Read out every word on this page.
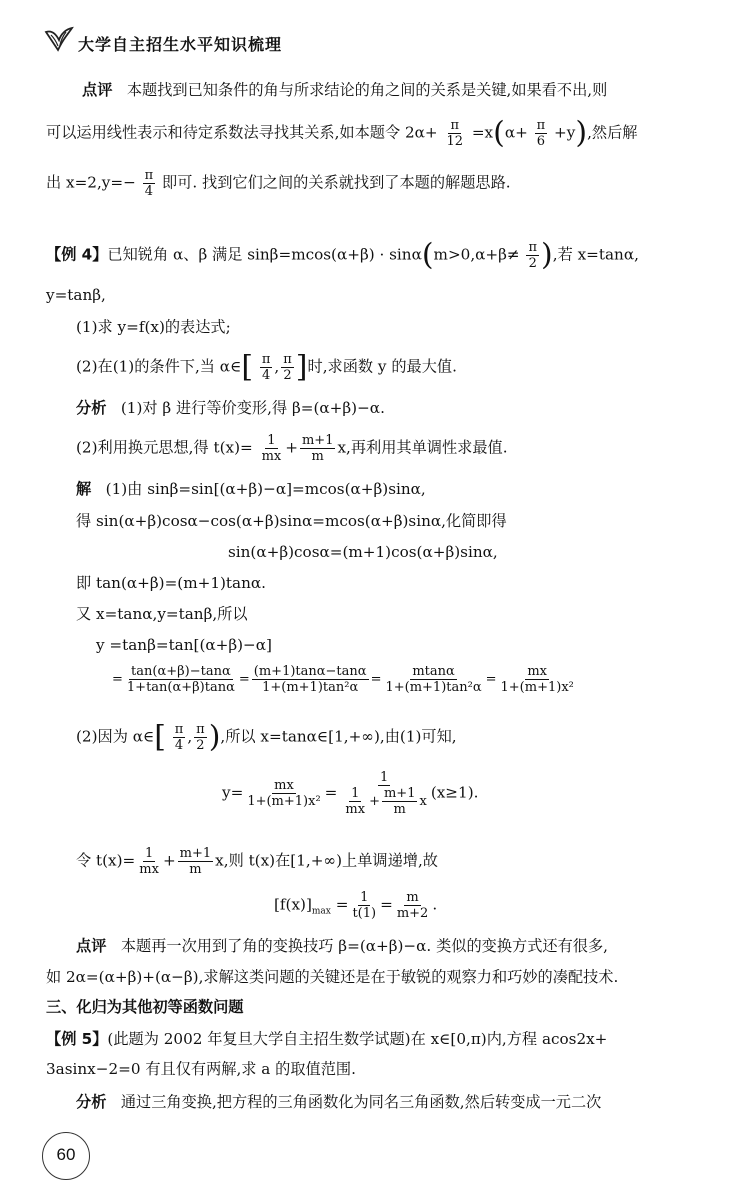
大学自主招生水平知识梳理
点评 本题找到已知条件的角与所求结论的角之间的关系是关键,如果看不出,则
可以运用线性表示和待定系数法寻找其关系,如本题令 $2\alpha+ \frac{\pi}{12} =x(\alpha+ \frac{\pi}{6} +y)$,然后解
出 $x=2,y=- \frac{\pi}{4}$ 即可. 找到它们之间的关系就找到了本题的解题思路.
【例 4】已知锐角 α、β 满足 $\sin\beta=mcos(\alpha+\beta) \cdot \sin\alpha(m>0,\alpha+\beta\ne \frac{\pi}{2}$ ),若 x=tanα,
y=tanβ,
(1)求 y=f(x)的表达式;
(2)在(1)的条件下,当 α∈[ $\frac{\pi}{4}$ , $\frac{\pi}{2}$ ]时,求函数 y 的最大值.
分析 (1)对 β 进行等价变形,得 β=(α+β)−α.
(2)利用换元思想,得 $t(x)= \frac{1}{mx} + \frac{m+1}{m} x$,再利用其单调性求最值.
解 (1)由 sinβ=sin[(α+β)−α]=mcos(α+β)sinα,
得 sin(α+β)cosα−cos(α+β)sinα=mcos(α+β)sinα,化简即得
sin(α+β)cosα=(m+1)cos(α+β)sinα,
即 tan(α+β)=(m+1)tanα.
又 x=tanα,y=tanβ,所以
y =tanβ=tan[(α+β)−α]
= $\frac{\tan(\alpha+\beta)-\tan\alpha}{1+\tan(\alpha+\beta)\tan\alpha} = \frac{(m+1)\tan\alpha-\tan\alpha}{\text{1+(m+1)tan²α}} = \frac{mtan\alpha}{\text{1+(m+1)tan²α}} = \frac{mx}{\text{1+(m+1)x²}}$
(2)因为 α∈[ $\frac{\pi}{4}$ , $\frac{\pi}{2}$ ),所以 x=tanα∈[1,+∞),由(1)可知,
$y= \frac{mx}{\text{1+(m+1)x²}} = \frac{1}{\frac{1}{mx} + \frac{m+1}{m} x} (x\ge 1)$.
令 $t(x)= \frac{1}{mx} + \frac{m+1}{m} x$,则 t(x)在[1,+∞)上单调递增,故
$[f(x)]_{max} = \frac{1}{t(1)} = \frac{m}{m+2}$ .
点评 本题再一次用到了角的变换技巧 β=(α+β)−α. 类似的变换方式还有很多,
如 2α=(α+β)+(α−β),求解这类问题的关键还是在于敏锐的观察力和巧妙的凑配技术.
三、化归为其他初等函数问题
【例 5】(此题为 2002 年复旦大学自主招生数学试题)在 x∈[0,π)内,方程 acos2x+
3asinx−2=0 有且仅有两解,求 a 的取值范围.
分析 通过三角变换,把方程的三角函数化为同名三角函数,然后转变成一元二次
60
